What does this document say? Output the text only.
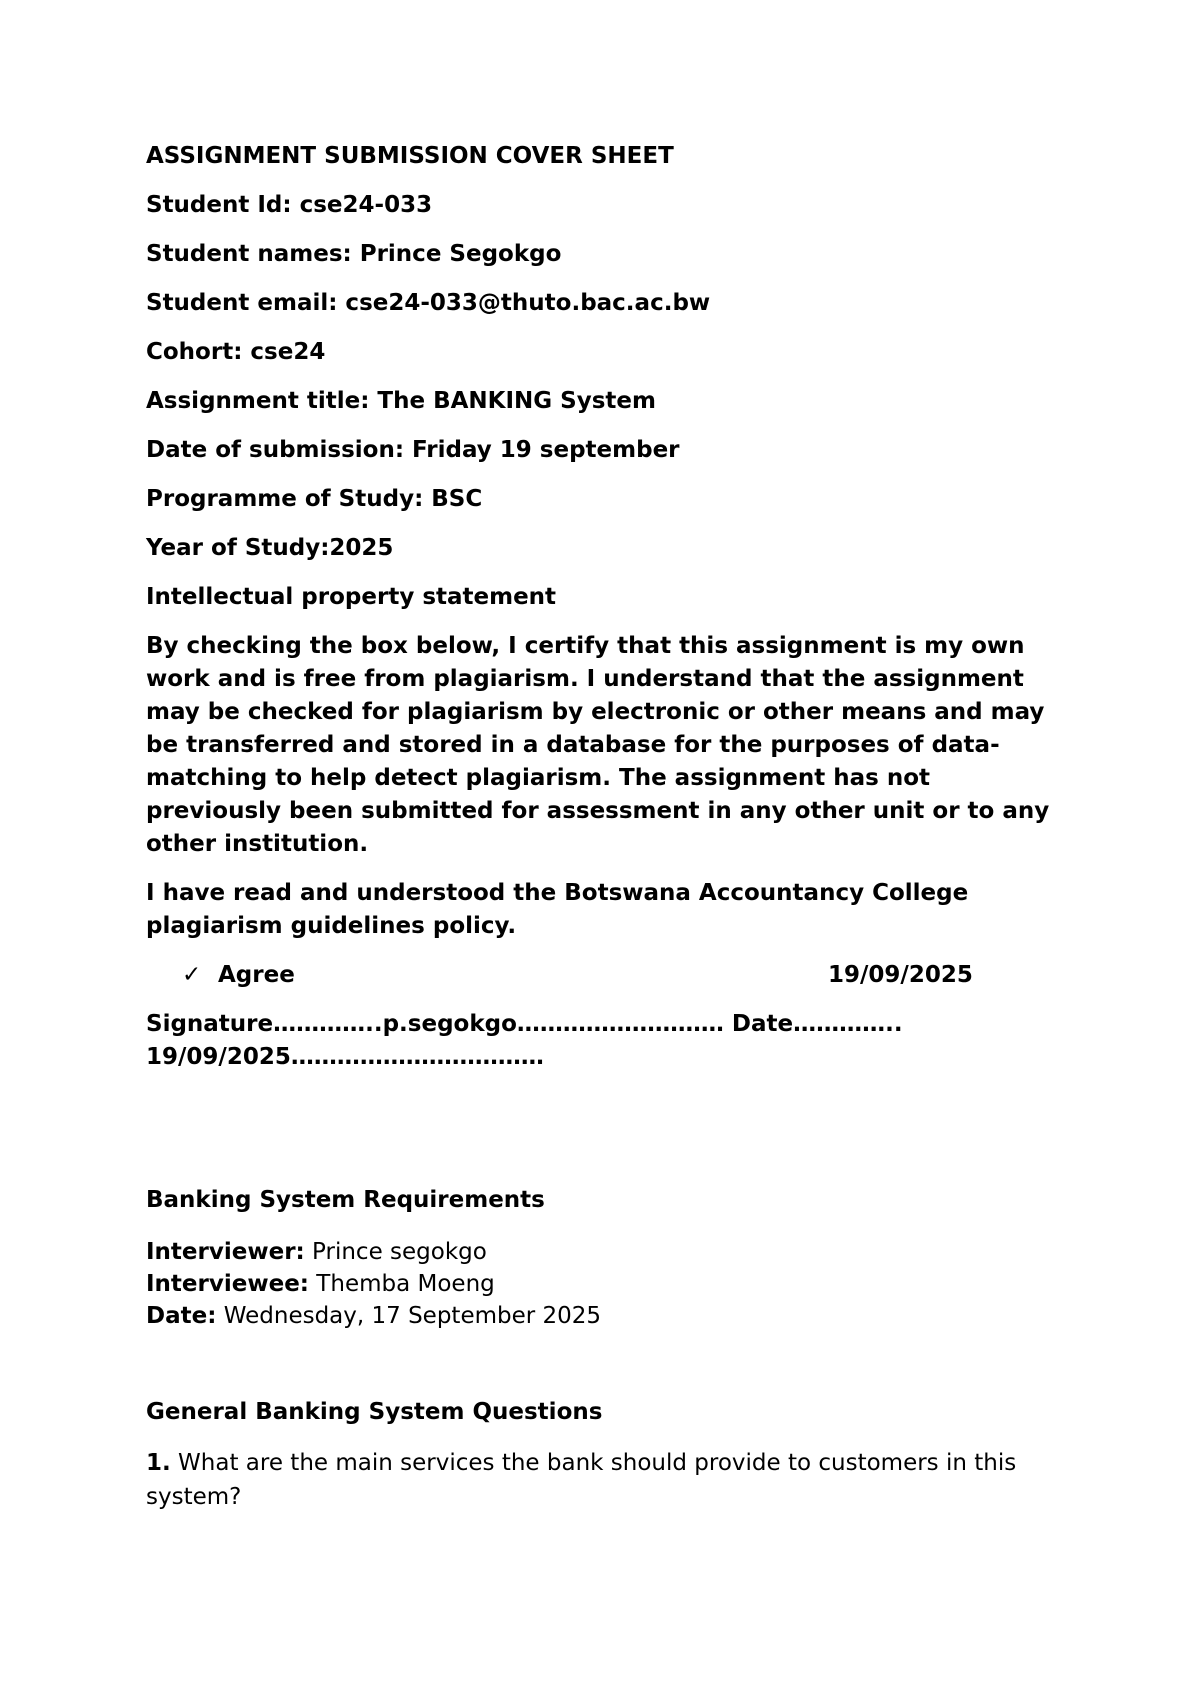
ASSIGNMENT SUBMISSION COVER SHEET
Student Id: cse24-033
Student names: Prince Segokgo
Student email: cse24-033@thuto.bac.ac.bw
Cohort: cse24
Assignment title: The BANKING System
Date of submission: Friday 19 september
Programme of Study: BSC
Year of Study:2025
Intellectual property statement
By checking the box below, I certify that this assignment is my own work and is free from plagiarism. I understand that the assignment may be checked for plagiarism by electronic or other means and may be transferred and stored in a database for the purposes of data-matching to help detect plagiarism. The assignment has not previously been submitted for assessment in any other unit or to any other institution.
I have read and understood the Botswana Accountancy College plagiarism guidelines policy.
✓ Agree	19/09/2025
Signature…………..p.segokgo……………………… Date………….. 19/09/2025……………………………
Banking System Requirements
Interviewer: Prince segokgo
Interviewee: Themba Moeng
Date: Wednesday, 17 September 2025
General Banking System Questions
1. What are the main services the bank should provide to customers in this system?
